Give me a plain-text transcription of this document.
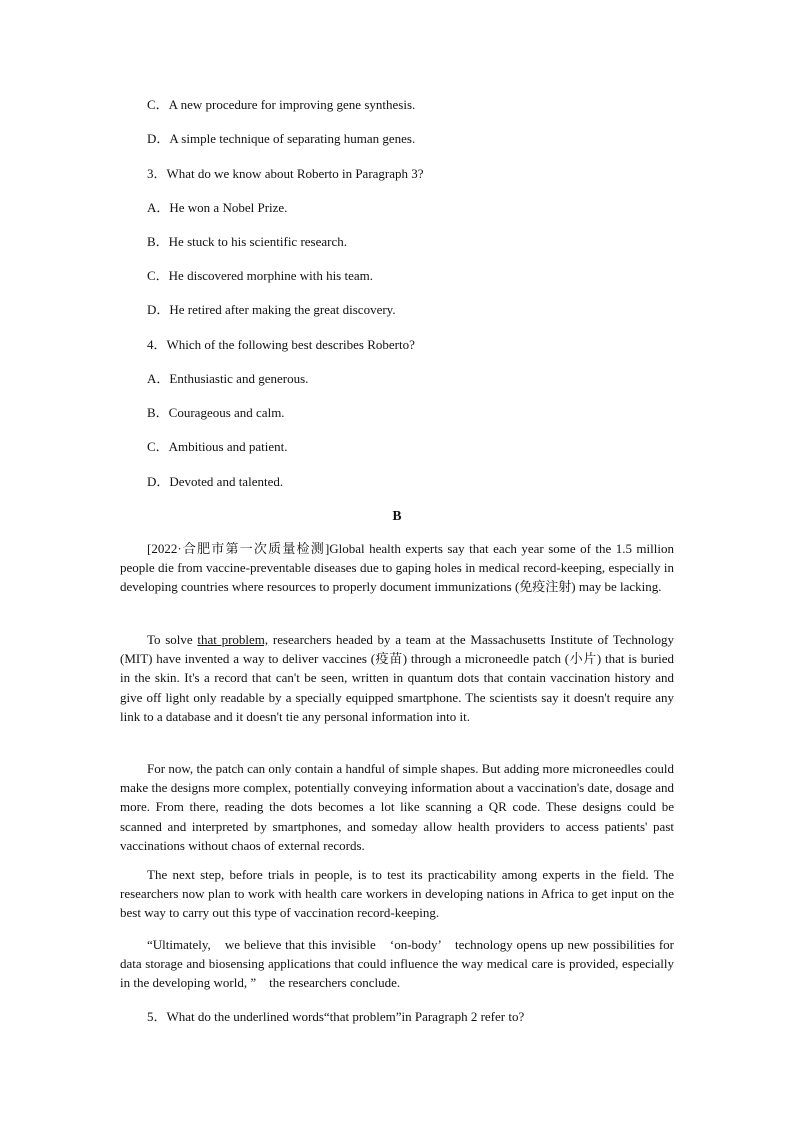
C．A new procedure for improving gene synthesis.
D．A simple technique of separating human genes.
3．What do we know about Roberto in Paragraph 3?
A．He won a Nobel Prize.
B．He stuck to his scientific research.
C．He discovered morphine with his team.
D．He retired after making the great discovery.
4．Which of the following best describes Roberto?
A．Enthusiastic and generous.
B．Courageous and calm.
C．Ambitious and patient.
D．Devoted and talented.
B
[2022·合肥市第一次质量检测]Global health experts say that each year some of the 1.5 million people die from vaccine-preventable diseases due to gaping holes in medical record-keeping, especially in developing countries where resources to properly document immunizations (免疫注射) may be lacking.
To solve that problem, researchers headed by a team at the Massachusetts Institute of Technology (MIT) have invented a way to deliver vaccines (疫苗) through a microneedle patch (小片) that is buried in the skin. It's a record that can't be seen, written in quantum dots that contain vaccination history and give off light only readable by a specially equipped smartphone. The scientists say it doesn't require any link to a database and it doesn't tie any personal information into it.
For now, the patch can only contain a handful of simple shapes. But adding more microneedles could make the designs more complex, potentially conveying information about a vaccination's date, dosage and more. From there, reading the dots becomes a lot like scanning a QR code. These designs could be scanned and interpreted by smartphones, and someday allow health providers to access patients' past vaccinations without chaos of external records.
The next step, before trials in people, is to test its practicability among experts in the field. The researchers now plan to work with health care workers in developing nations in Africa to get input on the best way to carry out this type of vaccination record-keeping.
“Ultimately,　we believe that this invisible　‘on-body’　technology opens up new possibilities for data storage and biosensing applications that could influence the way medical care is provided, especially in the developing world, ”　the researchers conclude.
5．What do the underlined words“that problem”in Paragraph 2 refer to?
